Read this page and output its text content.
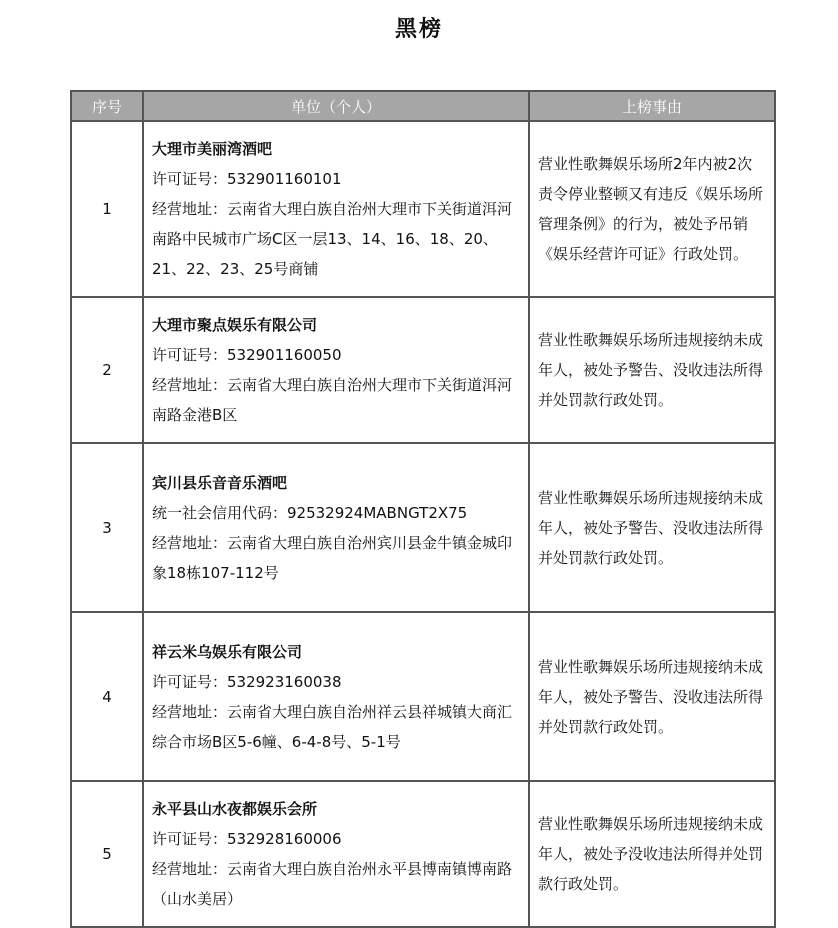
黑榜
序号	单位（个人）	上榜事由
1	大理市美丽湾酒吧
许可证号：532901160101
经营地址：云南省大理白族自治州大理市下关街道洱河南路中民城市广场C区一层13、14、16、18、20、21、22、23、25号商铺	营业性歌舞娱乐场所2年内被2次责令停业整顿又有违反《娱乐场所管理条例》的行为，被处予吊销《娱乐经营许可证》行政处罚。
2	大理市聚点娱乐有限公司
许可证号：532901160050
经营地址：云南省大理白族自治州大理市下关街道洱河南路金港B区	营业性歌舞娱乐场所违规接纳未成年人，被处予警告、没收违法所得并处罚款行政处罚。
3	宾川县乐音音乐酒吧
统一社会信用代码：92532924MABNGT2X75
经营地址：云南省大理白族自治州宾川县金牛镇金城印象18栋107-112号	营业性歌舞娱乐场所违规接纳未成年人，被处予警告、没收违法所得并处罚款行政处罚。
4	祥云米乌娱乐有限公司
许可证号：532923160038
经营地址：云南省大理白族自治州祥云县祥城镇大商汇综合市场B区5-6幢、6-4-8号、5-1号	营业性歌舞娱乐场所违规接纳未成年人，被处予警告、没收违法所得并处罚款行政处罚。
5	永平县山水夜都娱乐会所
许可证号：532928160006
经营地址：云南省大理白族自治州永平县博南镇博南路（山水美居）	营业性歌舞娱乐场所违规接纳未成年人，被处予没收违法所得并处罚款行政处罚。
